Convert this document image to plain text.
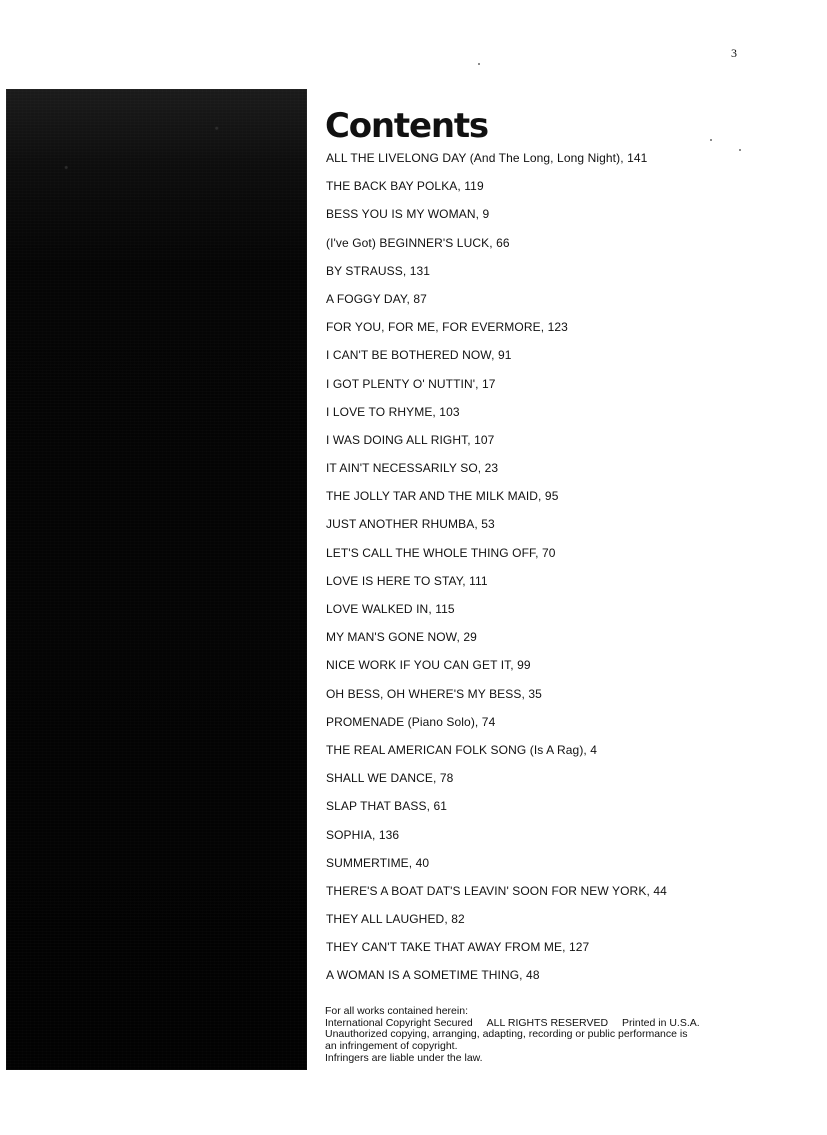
3
Contents
ALL THE LIVELONG DAY (And The Long, Long Night) , 141
THE BACK BAY POLKA , 119
BESS YOU IS MY WOMAN , 9
(I've Got) BEGINNER'S LUCK , 66
BY STRAUSS , 131
A FOGGY DAY , 87
FOR YOU, FOR ME, FOR EVERMORE , 123
I CAN'T BE BOTHERED NOW , 91
I GOT PLENTY O' NUTTIN' , 17
I LOVE TO RHYME , 103
I WAS DOING ALL RIGHT , 107
IT AIN'T NECESSARILY SO , 23
THE JOLLY TAR AND THE MILK MAID , 95
JUST ANOTHER RHUMBA , 53
LET'S CALL THE WHOLE THING OFF , 70
LOVE IS HERE TO STAY , 111
LOVE WALKED IN , 115
MY MAN'S GONE NOW , 29
NICE WORK IF YOU CAN GET IT , 99
OH BESS, OH WHERE'S MY BESS , 35
PROMENADE (Piano Solo) , 74
THE REAL AMERICAN FOLK SONG (Is A Rag) , 4
SHALL WE DANCE , 78
SLAP THAT BASS , 61
SOPHIA , 136
SUMMERTIME , 40
THERE'S A BOAT DAT'S LEAVIN' SOON FOR NEW YORK , 44
THEY ALL LAUGHED , 82
THEY CAN'T TAKE THAT AWAY FROM ME , 127
A WOMAN IS A SOMETIME THING , 48
For all works contained herein:
International Copyright Secured ALL RIGHTS RESERVED Printed in U.S.A.
Unauthorized copying, arranging, adapting, recording or public performance is
an infringement of copyright.
Infringers are liable under the law.
